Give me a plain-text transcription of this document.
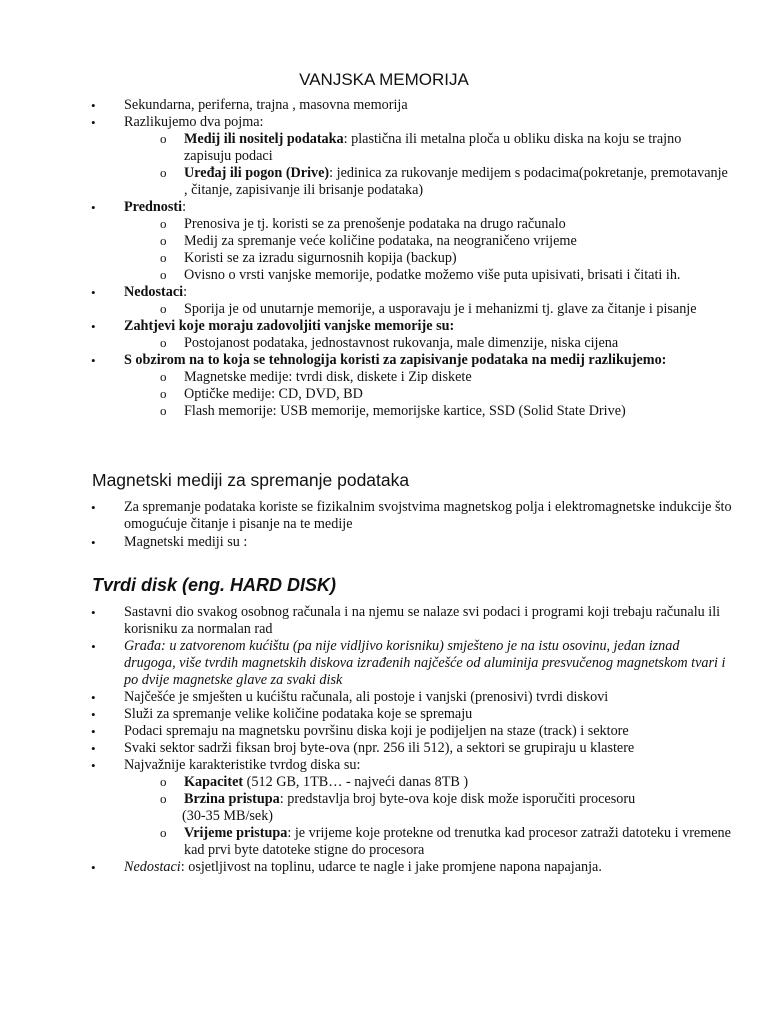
VANJSKA MEMORIJA
• Sekundarna, periferna, trajna , masovna memorija
• Razlikujemo dva pojma:
o Medij ili nositelj podataka: plastična ili metalna ploča u obliku diska na koju se trajno zapisuju podaci
o Uređaj ili pogon (Drive): jedinica za rukovanje medijem s podacima(pokretanje, premotavanje , čitanje, zapisivanje ili brisanje podataka)
• Prednosti:
o Prenosiva je tj. koristi se za prenošenje podataka na drugo računalo
o Medij za spremanje veće količine podataka, na neograničeno vrijeme
o Koristi se za izradu sigurnosnih kopija (backup)
o Ovisno o vrsti vanjske memorije, podatke možemo više puta upisivati, brisati i čitati ih.
• Nedostaci:
o Sporija je od unutarnje memorije, a usporavaju je i mehanizmi tj. glave za čitanje i pisanje
• Zahtjevi koje moraju zadovoljiti vanjske memorije su:
o Postojanost podataka, jednostavnost rukovanja, male dimenzije, niska cijena
• S obzirom na to koja se tehnologija koristi za zapisivanje podataka na medij razlikujemo:
o Magnetske medije: tvrdi disk, diskete i Zip diskete
o Optičke medije: CD, DVD, BD
o Flash memorije: USB memorije, memorijske kartice, SSD (Solid State Drive)
Magnetski mediji za spremanje podataka
• Za spremanje podataka koriste se fizikalnim svojstvima magnetskog polja i elektromagnetske indukcije što omogućuje čitanje i pisanje na te medije
• Magnetski mediji su :
Tvrdi disk (eng. HARD DISK)
• Sastavni dio svakog osobnog računala i na njemu se nalaze svi podaci i programi koji trebaju računalu ili korisniku za normalan rad
• Građa: u zatvorenom kućištu (pa nije vidljivo korisniku) smješteno je na istu osovinu, jedan iznad drugoga, više tvrdih magnetskih diskova izrađenih najčešće od aluminija presvučenog magnetskom tvari i po dvije magnetske glave za svaki disk
• Najčešće je smješten u kućištu računala, ali postoje i vanjski (prenosivi) tvrdi diskovi
• Služi za spremanje velike količine podataka koje se spremaju
• Podaci spremaju na magnetsku površinu diska koji je podijeljen na staze (track) i sektore
• Svaki sektor sadrži fiksan broj byte-ova (npr. 256 ili 512), a sektori se grupiraju u klastere
• Najvažnije karakteristike tvrdog diska su:
o Kapacitet (512 GB, 1TB… - najveći danas 8TB )
o Brzina pristupa: predstavlja broj byte-ova koje disk može isporučiti procesoru
(30-35 MB/sek)
o Vrijeme pristupa: je vrijeme koje protekne od trenutka kad procesor zatraži datoteku i vremene kad prvi byte datoteke stigne do procesora
• Nedostaci: osjetljivost na toplinu, udarce te nagle i jake promjene napona napajanja.
